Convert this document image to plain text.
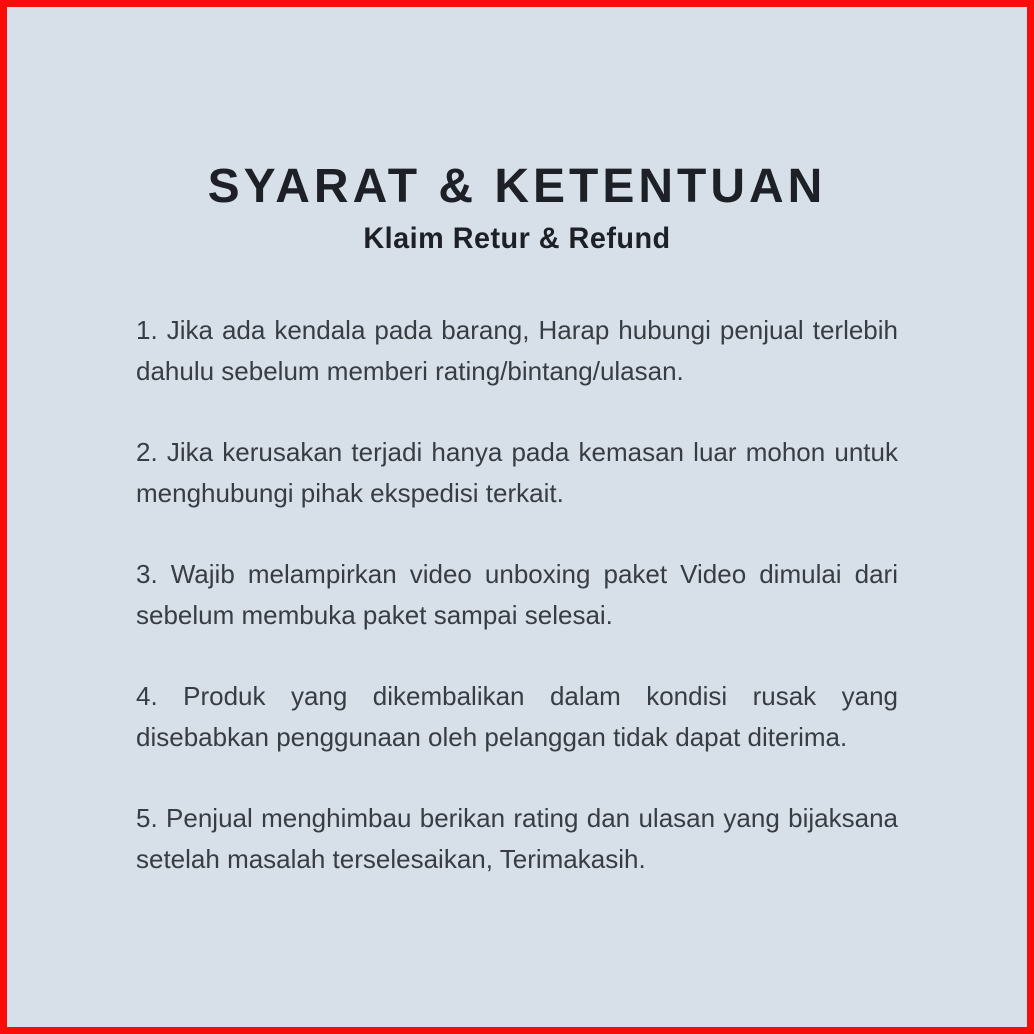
SYARAT & KETENTUAN
Klaim Retur & Refund

1. Jika ada kendala pada barang, Harap hubungi penjual terlebih dahulu sebelum memberi rating/bintang/ulasan.

2. Jika kerusakan terjadi hanya pada kemasan luar mohon untuk menghubungi pihak ekspedisi terkait.

3. Wajib melampirkan video unboxing paket Video dimulai dari sebelum membuka paket sampai selesai.

4. Produk yang dikembalikan dalam kondisi rusak yang disebabkan penggunaan oleh pelanggan tidak dapat diterima.

5. Penjual menghimbau berikan rating dan ulasan yang bijaksana setelah masalah terselesaikan, Terimakasih.
